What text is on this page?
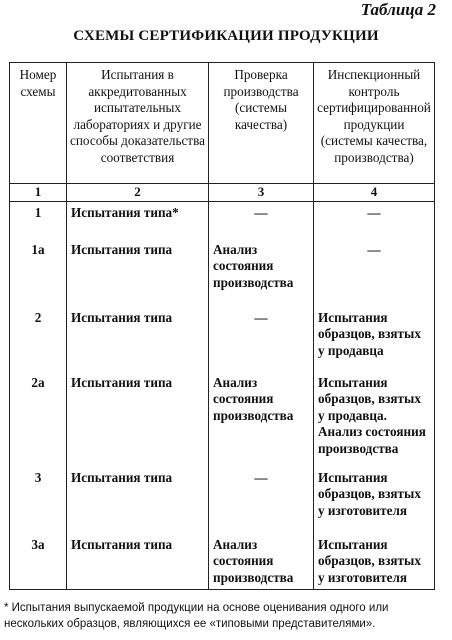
Таблица 2
СХЕМЫ СЕРТИФИКАЦИИ ПРОДУКЦИИ
Номер схемы	Испытания в аккредитованных испытательных лабораториях и другие способы доказательства соответствия	Проверка производства (системы качества)	Инспекционный контроль сертифицированной продукции (системы качества, производства)
1	2	3	4
1	Испытания типа*	—	—
1а	Испытания типа	Анализ состояния производства	—
2	Испытания типа	—	Испытания образцов, взятых у продавца
2а	Испытания типа	Анализ состояния производства	Испытания образцов, взятых у продавца. Анализ состояния производства
3	Испытания типа	—	Испытания образцов, взятых у изготовителя
3а	Испытания типа	Анализ состояния производства	Испытания образцов, взятых у изготовителя
* Испытания выпускаемой продукции на основе оценивания одного или нескольких образцов, являющихся ее «типовыми представителями».
